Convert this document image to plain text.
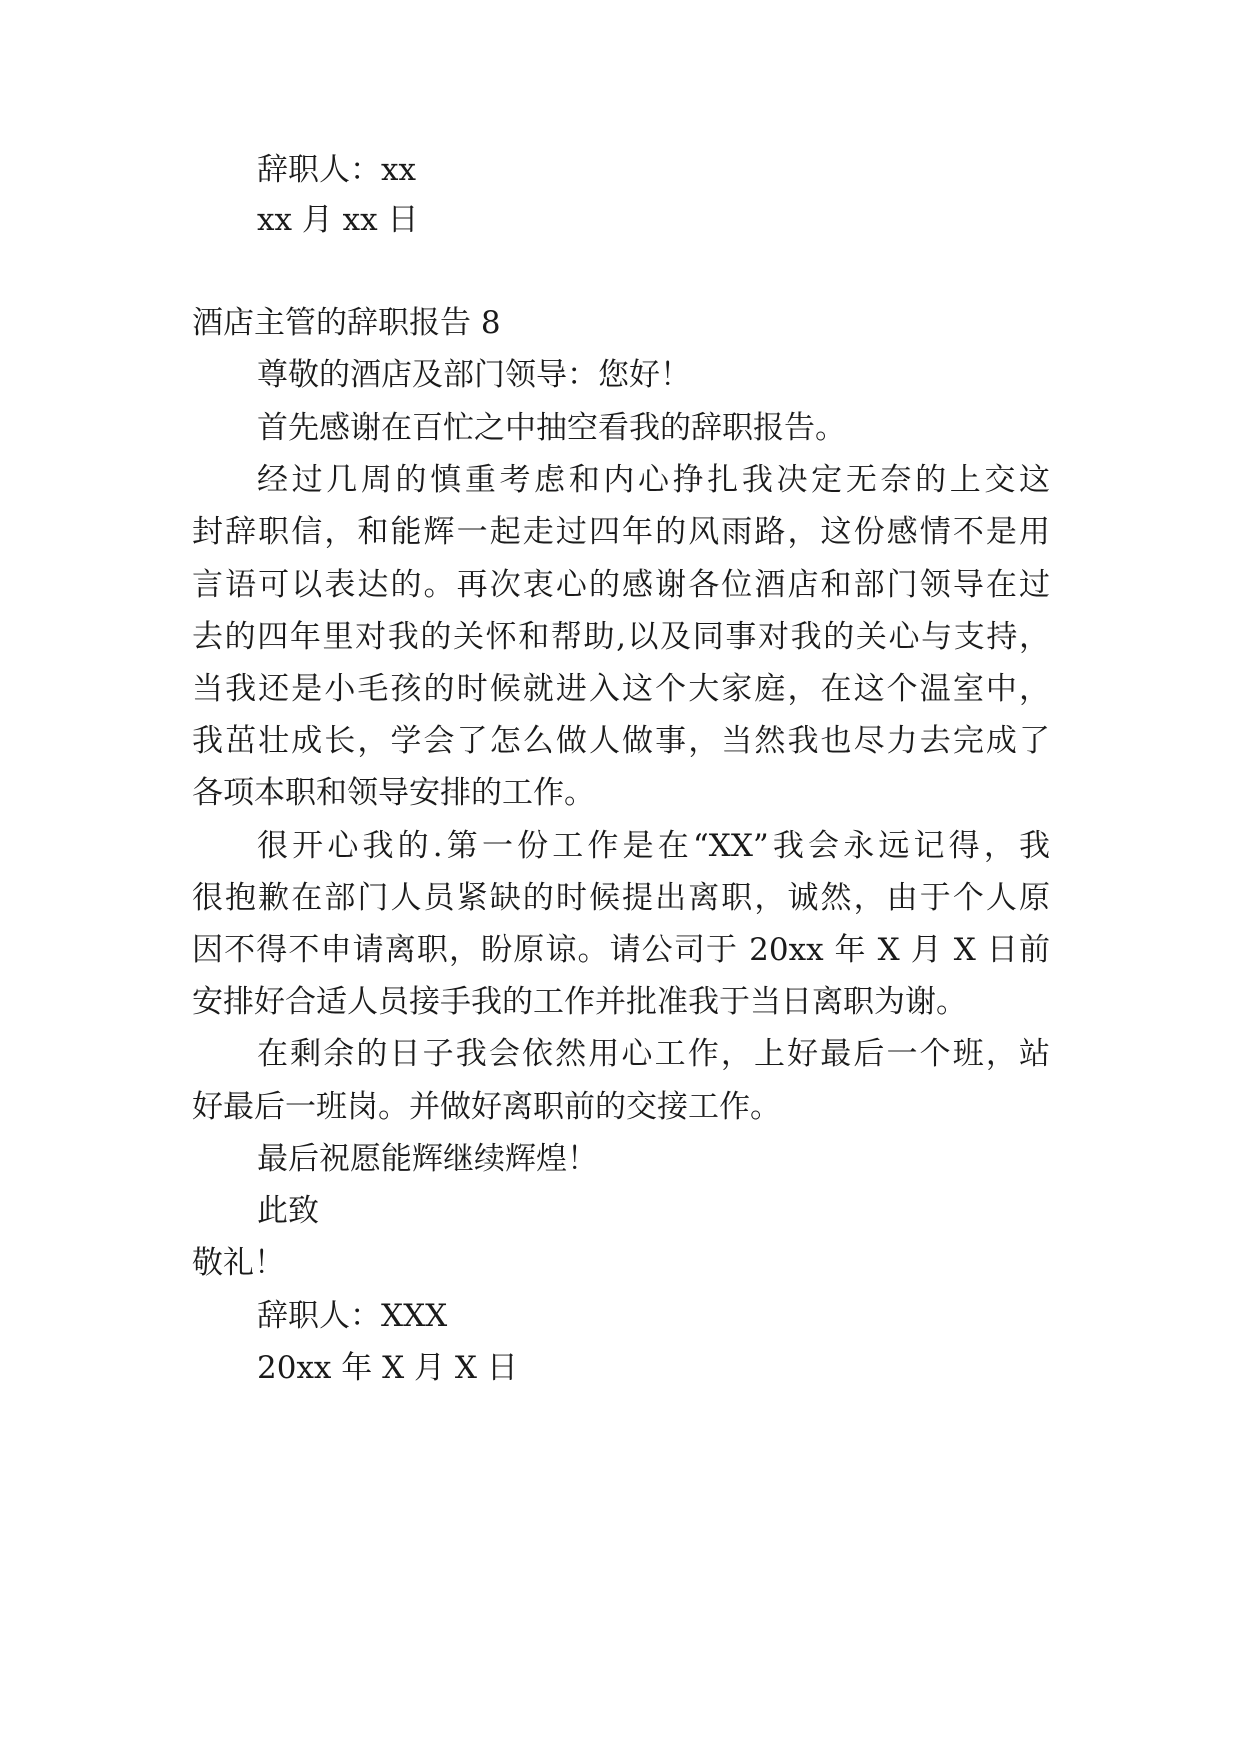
辞职人：xx

xx 月 xx 日

酒店主管的辞职报告 8

尊敬的酒店及部门领导：您好！

首先感谢在百忙之中抽空看我的辞职报告。

经过几周的慎重考虑和内心挣扎我决定无奈的上交这

封辞职信，和能辉一起走过四年的风雨路，这份感情不是用

言语可以表达的。再次衷心的感谢各位酒店和部门领导在过

去的四年里对我的关怀和帮助,以及同事对我的关心与支持，

当我还是小毛孩的时候就进入这个大家庭，在这个温室中，

我茁壮成长，学会了怎么做人做事，当然我也尽力去完成了

各项本职和领导安排的工作。

很开心我的.第一份工作是在“XX”我会永远记得，我

很抱歉在部门人员紧缺的时候提出离职，诚然，由于个人原

因不得不申请离职，盼原谅。请公司于 20xx 年 X 月 X 日前

安排好合适人员接手我的工作并批准我于当日离职为谢。

在剩余的日子我会依然用心工作，上好最后一个班，站

好最后一班岗。并做好离职前的交接工作。

最后祝愿能辉继续辉煌！

此致

敬礼！

辞职人：XXX

20xx 年 X 月 X 日
